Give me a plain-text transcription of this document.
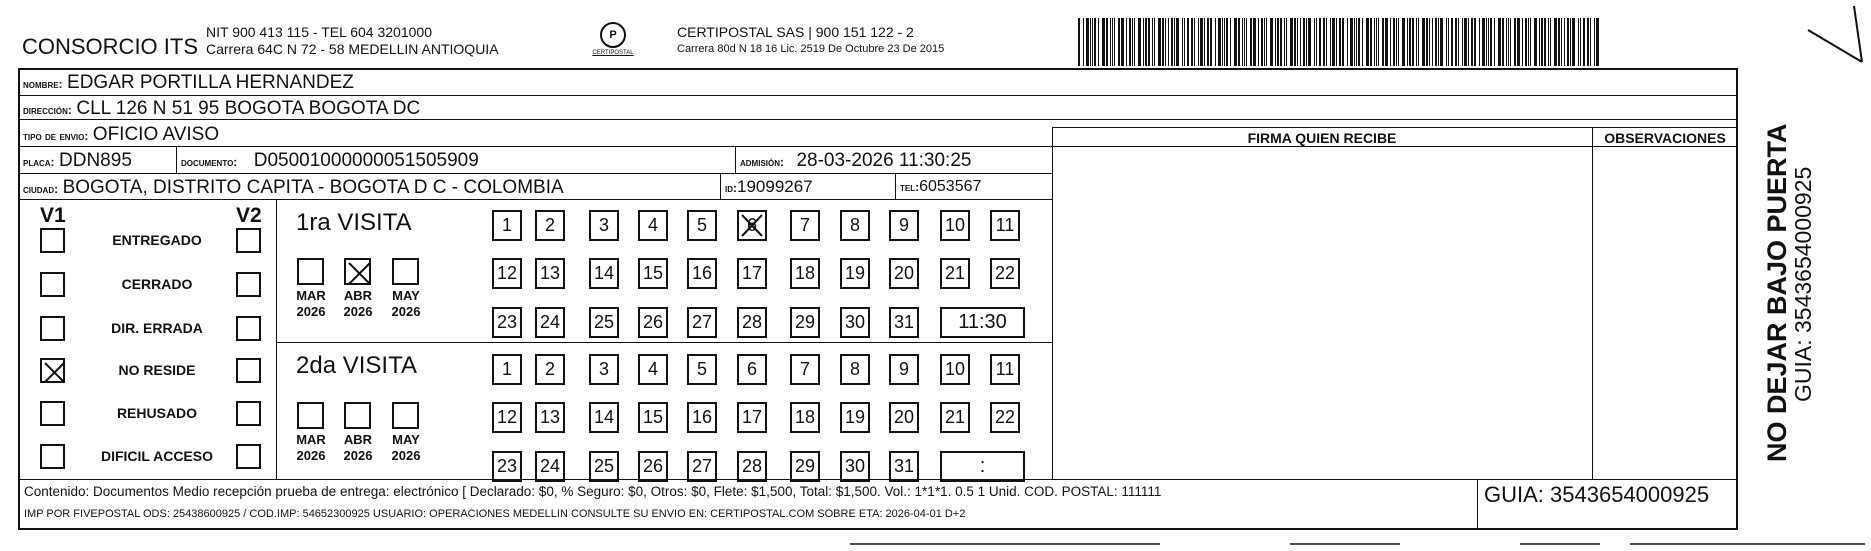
CONSORCIO ITS
NIT 900 413 115 - TEL 604 3201000
Carrera 64C N 72 - 58 MEDELLIN ANTIOQUIA
P
CERTIPOSTAL
CERTIPOSTAL SAS | 900 151 122 - 2
Carrera 80d N 18 16 Lic. 2519 De Octubre 23 De 2015
nombre: EDGAR PORTILLA HERNANDEZ
dirección: CLL 126 N 51 95 BOGOTA BOGOTA DC
tipo de envio: OFICIO AVISO
placa: DDN895	documento: D05001000000051505909	admisión: 28-03-2026 11:30:25
ciudad: BOGOTA, DISTRITO CAPITA - BOGOTA D C - COLOMBIA	id:19099267	tel:6053567
FIRMA QUIEN RECIBE	OBSERVACIONES
V1	V2
ENTREGADO
CERRADO
DIR. ERRADA
NO RESIDE
REHUSADO
DIFICIL ACCESO
1ra VISITA
MAR
2026
ABR
2026
MAY
2026
1	2	3	4	5	6	7	8	9	10	11
12 13 14 15 16 17 18 19 20 21 22
23 24 25 26 27 28 29 30 31	11:30
2da VISITA
MAR
2026
ABR
2026
MAY
2026
1	2	3	4	5	6	7	8	9	10	11
12 13 14 15 16 17 18 19 20 21 22
23 24 25 26 27 28 29 30 31	:
Contenido: Documentos Medio recepción prueba de entrega: electrónico [ Declarado: $0, % Seguro: $0, Otros: $0, Flete: $1,500, Total: $1,500. Vol.: 1*1*1. 0.5 1 Unid. COD. POSTAL: 111111
IMP POR FIVEPOSTAL ODS: 25438600925 / COD.IMP: 54652300925 USUARIO: OPERACIONES MEDELLIN CONSULTE SU ENVIO EN: CERTIPOSTAL.COM SOBRE ETA: 2026-04-01 D+2
GUIA: 3543654000925
NO DEJAR BAJO PUERTA
GUIA: 3543654000925
